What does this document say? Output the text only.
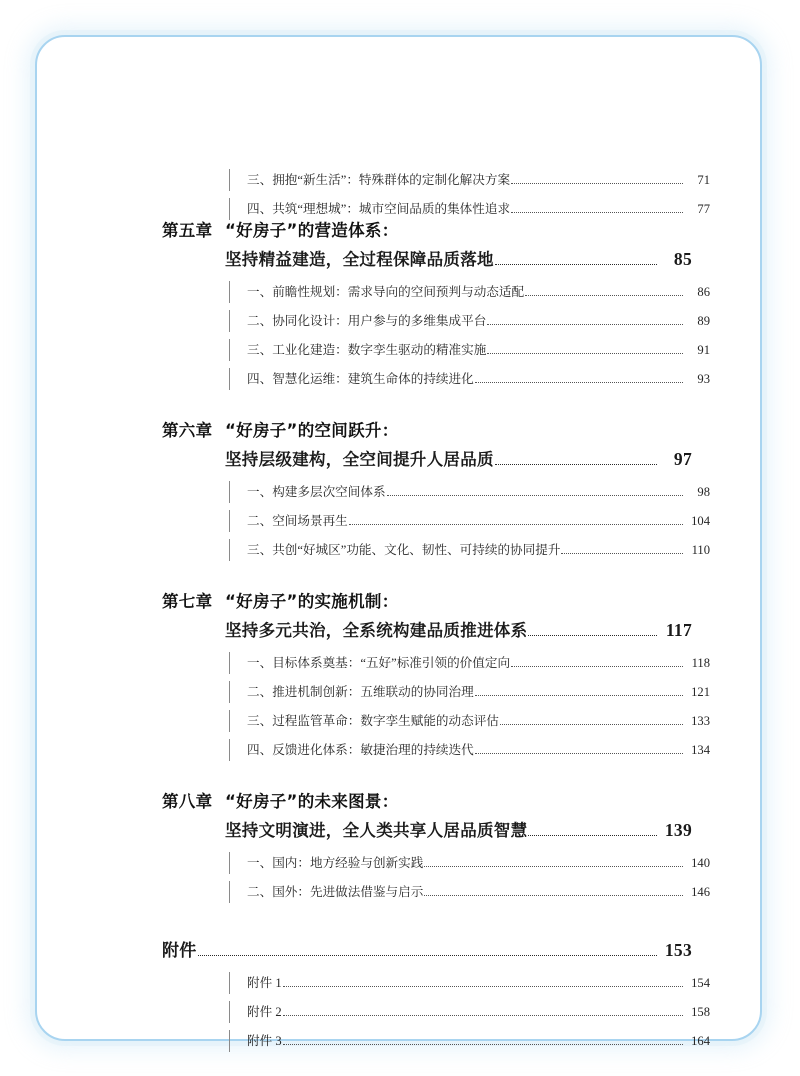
三、拥抱“新生活”：特殊群体的定制化解决方案	71
四、共筑“理想城”：城市空间品质的集体性追求	77
第五章 “好房子”的营造体系：
坚持精益建造，全过程保障品质落地	85
一、前瞻性规划：需求导向的空间预判与动态适配	86
二、协同化设计：用户参与的多维集成平台	89
三、工业化建造：数字孪生驱动的精准实施	91
四、智慧化运维：建筑生命体的持续进化	93
第六章 “好房子”的空间跃升：
坚持层级建构，全空间提升人居品质	97
一、构建多层次空间体系	98
二、空间场景再生	104
三、共创“好城区”功能、文化、韧性、可持续的协同提升	110
第七章 “好房子”的实施机制：
坚持多元共治，全系统构建品质推进体系	117
一、目标体系奠基：“五好”标准引领的价值定向	118
二、推进机制创新：五维联动的协同治理	121
三、过程监管革命：数字孪生赋能的动态评估	133
四、反馈进化体系：敏捷治理的持续迭代	134
第八章 “好房子”的未来图景：
坚持文明演进，全人类共享人居品质智慧	139
一、国内：地方经验与创新实践	140
二、国外：先进做法借鉴与启示	146
附件	153
附件 1	154
附件 2	158
附件 3	164
